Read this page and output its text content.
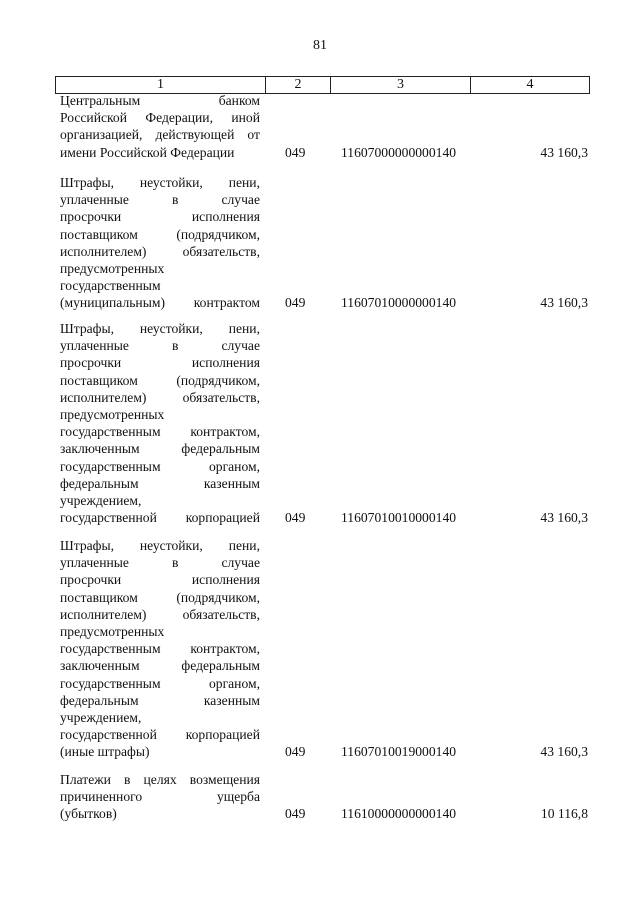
81
1	2	3	4
Центральным банком
Российской Федерации, иной
организацией, действующей от
имени Российской Федерации	049	11607000000000140	43 160,3
Штрафы, неустойки, пени,
уплаченные в случае
просрочки исполнения
поставщиком (подрядчиком,
исполнителем) обязательств,
предусмотренных
государственным
(муниципальным) контрактом 049	11607010000000140	43 160,3
Штрафы, неустойки, пени,
уплаченные в случае
просрочки исполнения
поставщиком (подрядчиком,
исполнителем) обязательств,
предусмотренных
государственным контрактом,
заключенным федеральным
государственным органом,
федеральным казенным
учреждением,
государственной корпорацией 049	11607010010000140	43 160,3
Штрафы, неустойки, пени,
уплаченные в случае
просрочки исполнения
поставщиком (подрядчиком,
исполнителем) обязательств,
предусмотренных
государственным контрактом,
заключенным федеральным
государственным органом,
федеральным казенным
учреждением,
государственной корпорацией
(иные штрафы)	049	11607010019000140	43 160,3
Платежи в целях возмещения
причиненного ущерба
(убытков)	049	11610000000000140	10 116,8
